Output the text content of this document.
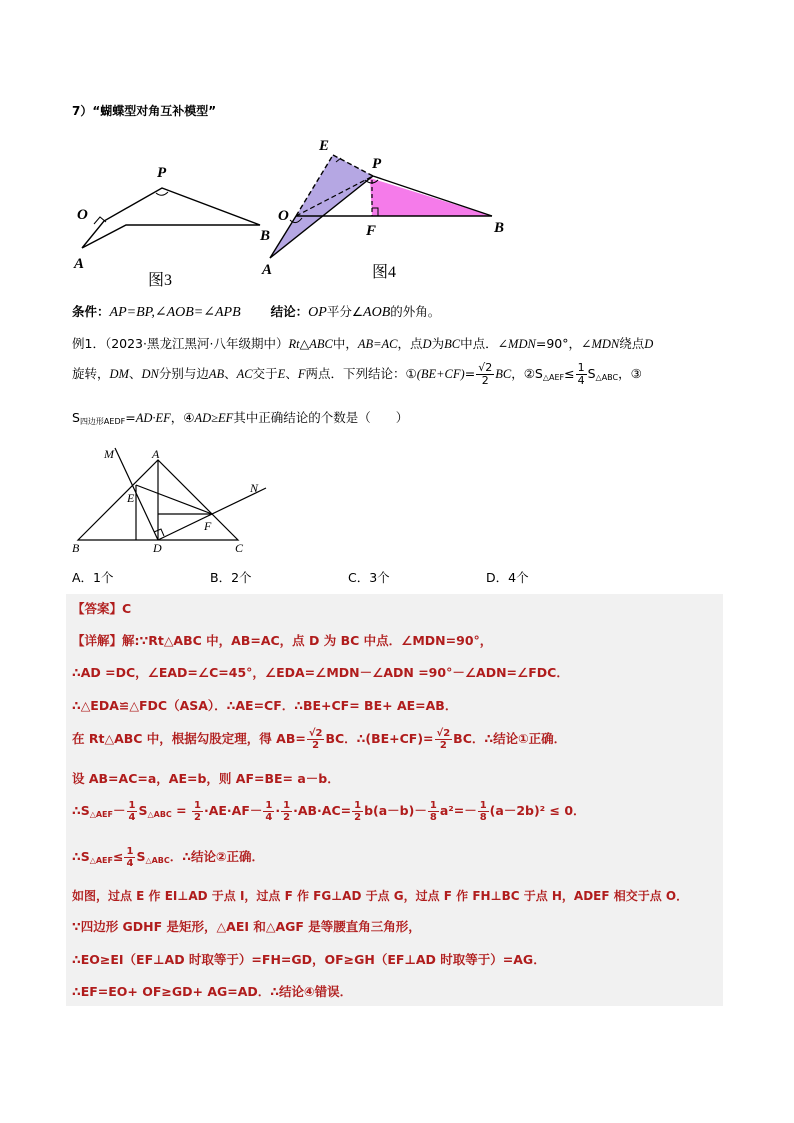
7）“蝴蝶型对角互补模型”
P
O
A
B
图3
E
P
O
F
A
B
图4
条件：AP=BP,∠AOB=∠APB 结论：OP平分∠AOB的外角。
例1．（2023·黑龙江黑河·八年级期中）Rt△ABC中，AB=AC，点D为BC中点．∠MDN=90°，∠MDN绕点D
旋转，DM、DN分别与边AB、AC交于E、F两点．下列结论：①(BE+CF)= $\frac{√2}{2}$ BC，$②S_{\triangle AEF}\le \frac{1}{4} S_{\triangle ABC}$，③
$S_{四边形AEDF}=AD\cdot EF$，④AD≥EF其中正确结论的个数是（　　）
M	A
N
E
F
B	D	C
A．1个	B．2个	C．3个	D．4个
【答案】C
【详解】解:∵Rt△ABC 中，AB=AC，点 D 为 BC 中点．∠MDN=90°，
∴AD =DC，∠EAD=∠C=45°，∠EDA=∠MDN－∠ADN =90°－∠ADN=∠FDC．
∴△EDA≌△FDC（ASA）．∴AE=CF．∴BE+CF= BE+ AE=AB．
在 Rt△ABC 中，根据勾股定理，得 $AB= \frac{√2}{2}$ BC．∴(BE+CF)= $\frac{√2}{2}$ BC．∴结论①正确．
设 AB=AC=a，AE=b，则 AF=BE= a－b．
$\therefore S_{\triangle AEF}- \frac{1}{4} S_{\triangle ABC} = \frac{1}{2} \cdot AE\cdot AF- \frac{1}{4} \cdot \frac{1}{2} \cdot AB\cdot AC= \frac{1}{2} b(a-b)- \frac{1}{8} a^2=- \frac{1}{8} (a-2b)^2 \le 0$．
$\therefore S_{\triangle AEF}\le \frac{1}{4} S_{\triangle ABC}$．∴结论②正确．
如图，过点 E 作 EI⊥AD 于点 I，过点 F 作 FG⊥AD 于点 G，过点 F 作 FH⊥BC 于点 H，ADEF 相交于点 O．
∵四边形 GDHF 是矩形，△AEI 和△AGF 是等腰直角三角形，
∴EO≥EI（EF⊥AD 时取等于）=FH=GD，OF≥GH（EF⊥AD 时取等于）=AG．
∴EF=EO+ OF≥GD+ AG=AD．∴结论④错误．
